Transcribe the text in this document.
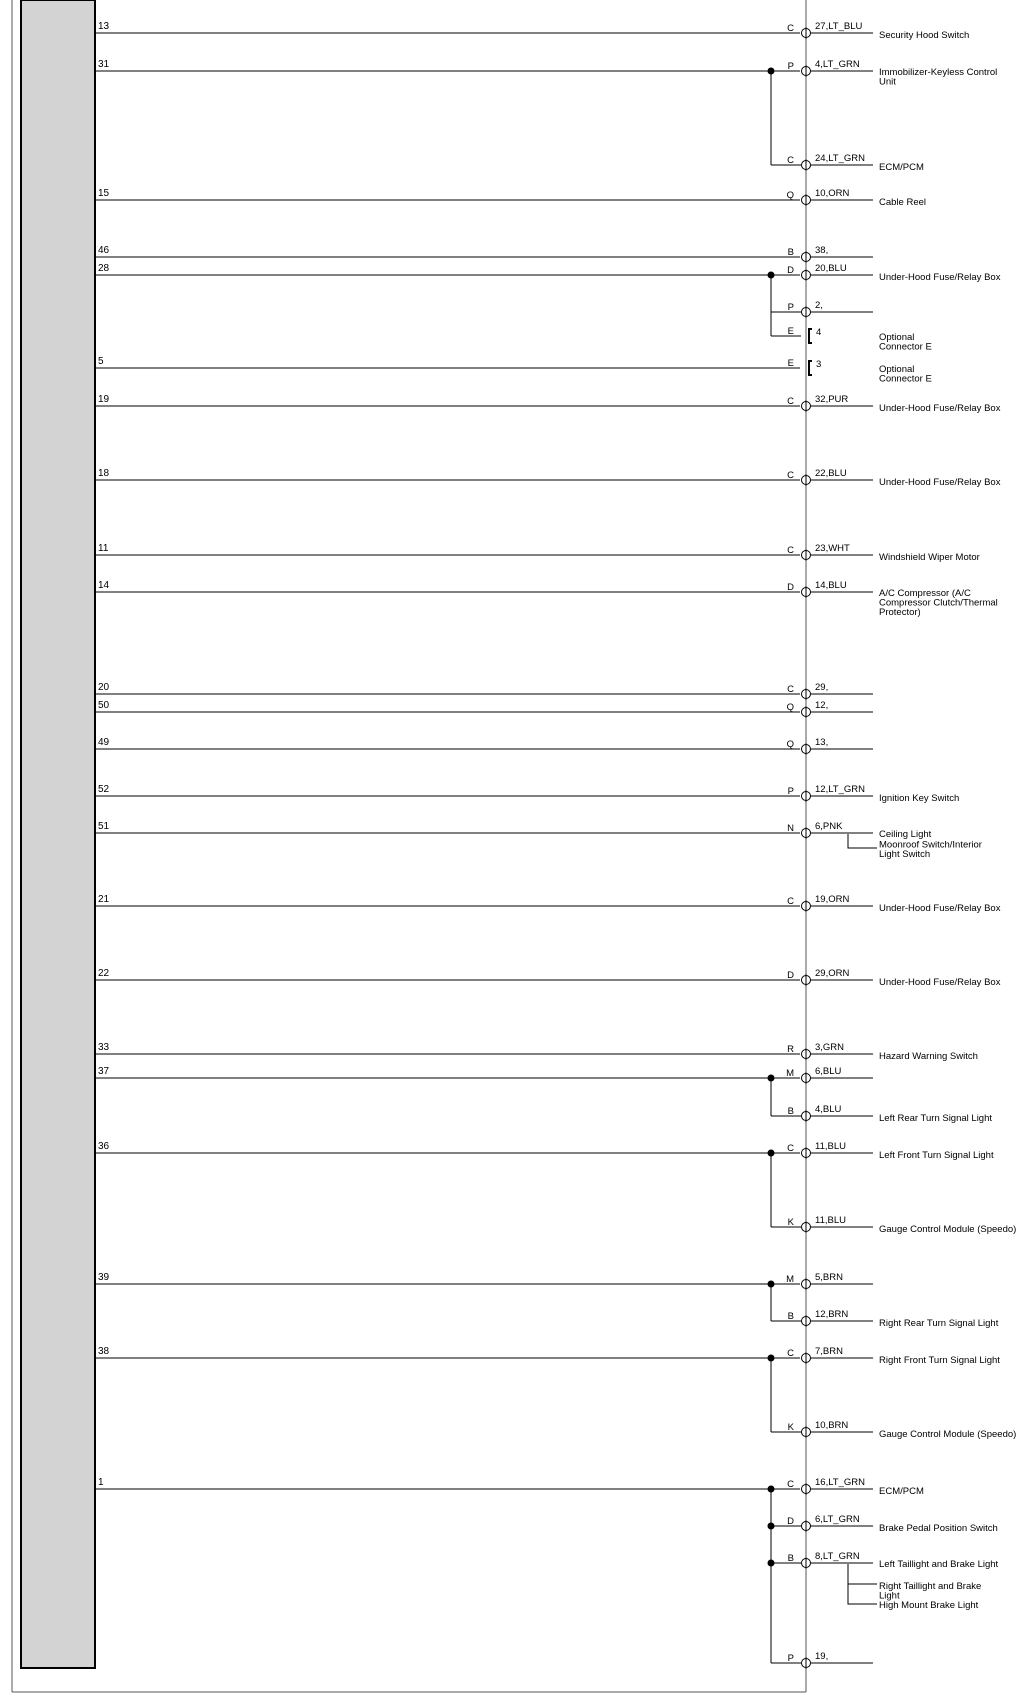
13	C 27,LT_BLU
Security Hood Switch
31	P 4,LT_GRN
Immobilizer-Keyless Control
Unit
C 24,LT_GRN
ECM/PCM
15	Q 10,ORN
Cable Reel
46	B 38,
28	D 20,BLU
Under-Hood Fuse/Relay Box
P 2,
E 4	Optional
Connector E
5	E 3	Optional
Connector E
19	C 32,PUR
Under-Hood Fuse/Relay Box
18	C 22,BLU
Under-Hood Fuse/Relay Box
11	C 23,WHT
Windshield Wiper Motor
14	D 14,BLU
A/C Compressor (A/C
Compressor Clutch/Thermal
Protector)
20	C 29,
50	Q 12,
49	Q 13,
52	P 12,LT_GRN
Ignition Key Switch
51	N 6,PNK
Ceiling Light
Moonroof Switch/Interior
Light Switch
21	C 19,ORN
Under-Hood Fuse/Relay Box
22	D 29,ORN
Under-Hood Fuse/Relay Box
33	R 3,GRN
Hazard Warning Switch
37	M 6,BLU
B 4,BLU
Left Rear Turn Signal Light
36	C 11,BLU
Left Front Turn Signal Light
K 11,BLU
Gauge Control Module (Speedo)
39	M 5,BRN
B 12,BRN
Right Rear Turn Signal Light
38	C 7,BRN
Right Front Turn Signal Light
K 10,BRN
Gauge Control Module (Speedo)
1	C 16,LT_GRN
ECM/PCM
D 6,LT_GRN
Brake Pedal Position Switch
B 8,LT_GRN
Left Taillight and Brake Light
Right Taillight and Brake
Light
High Mount Brake Light
P 19,
